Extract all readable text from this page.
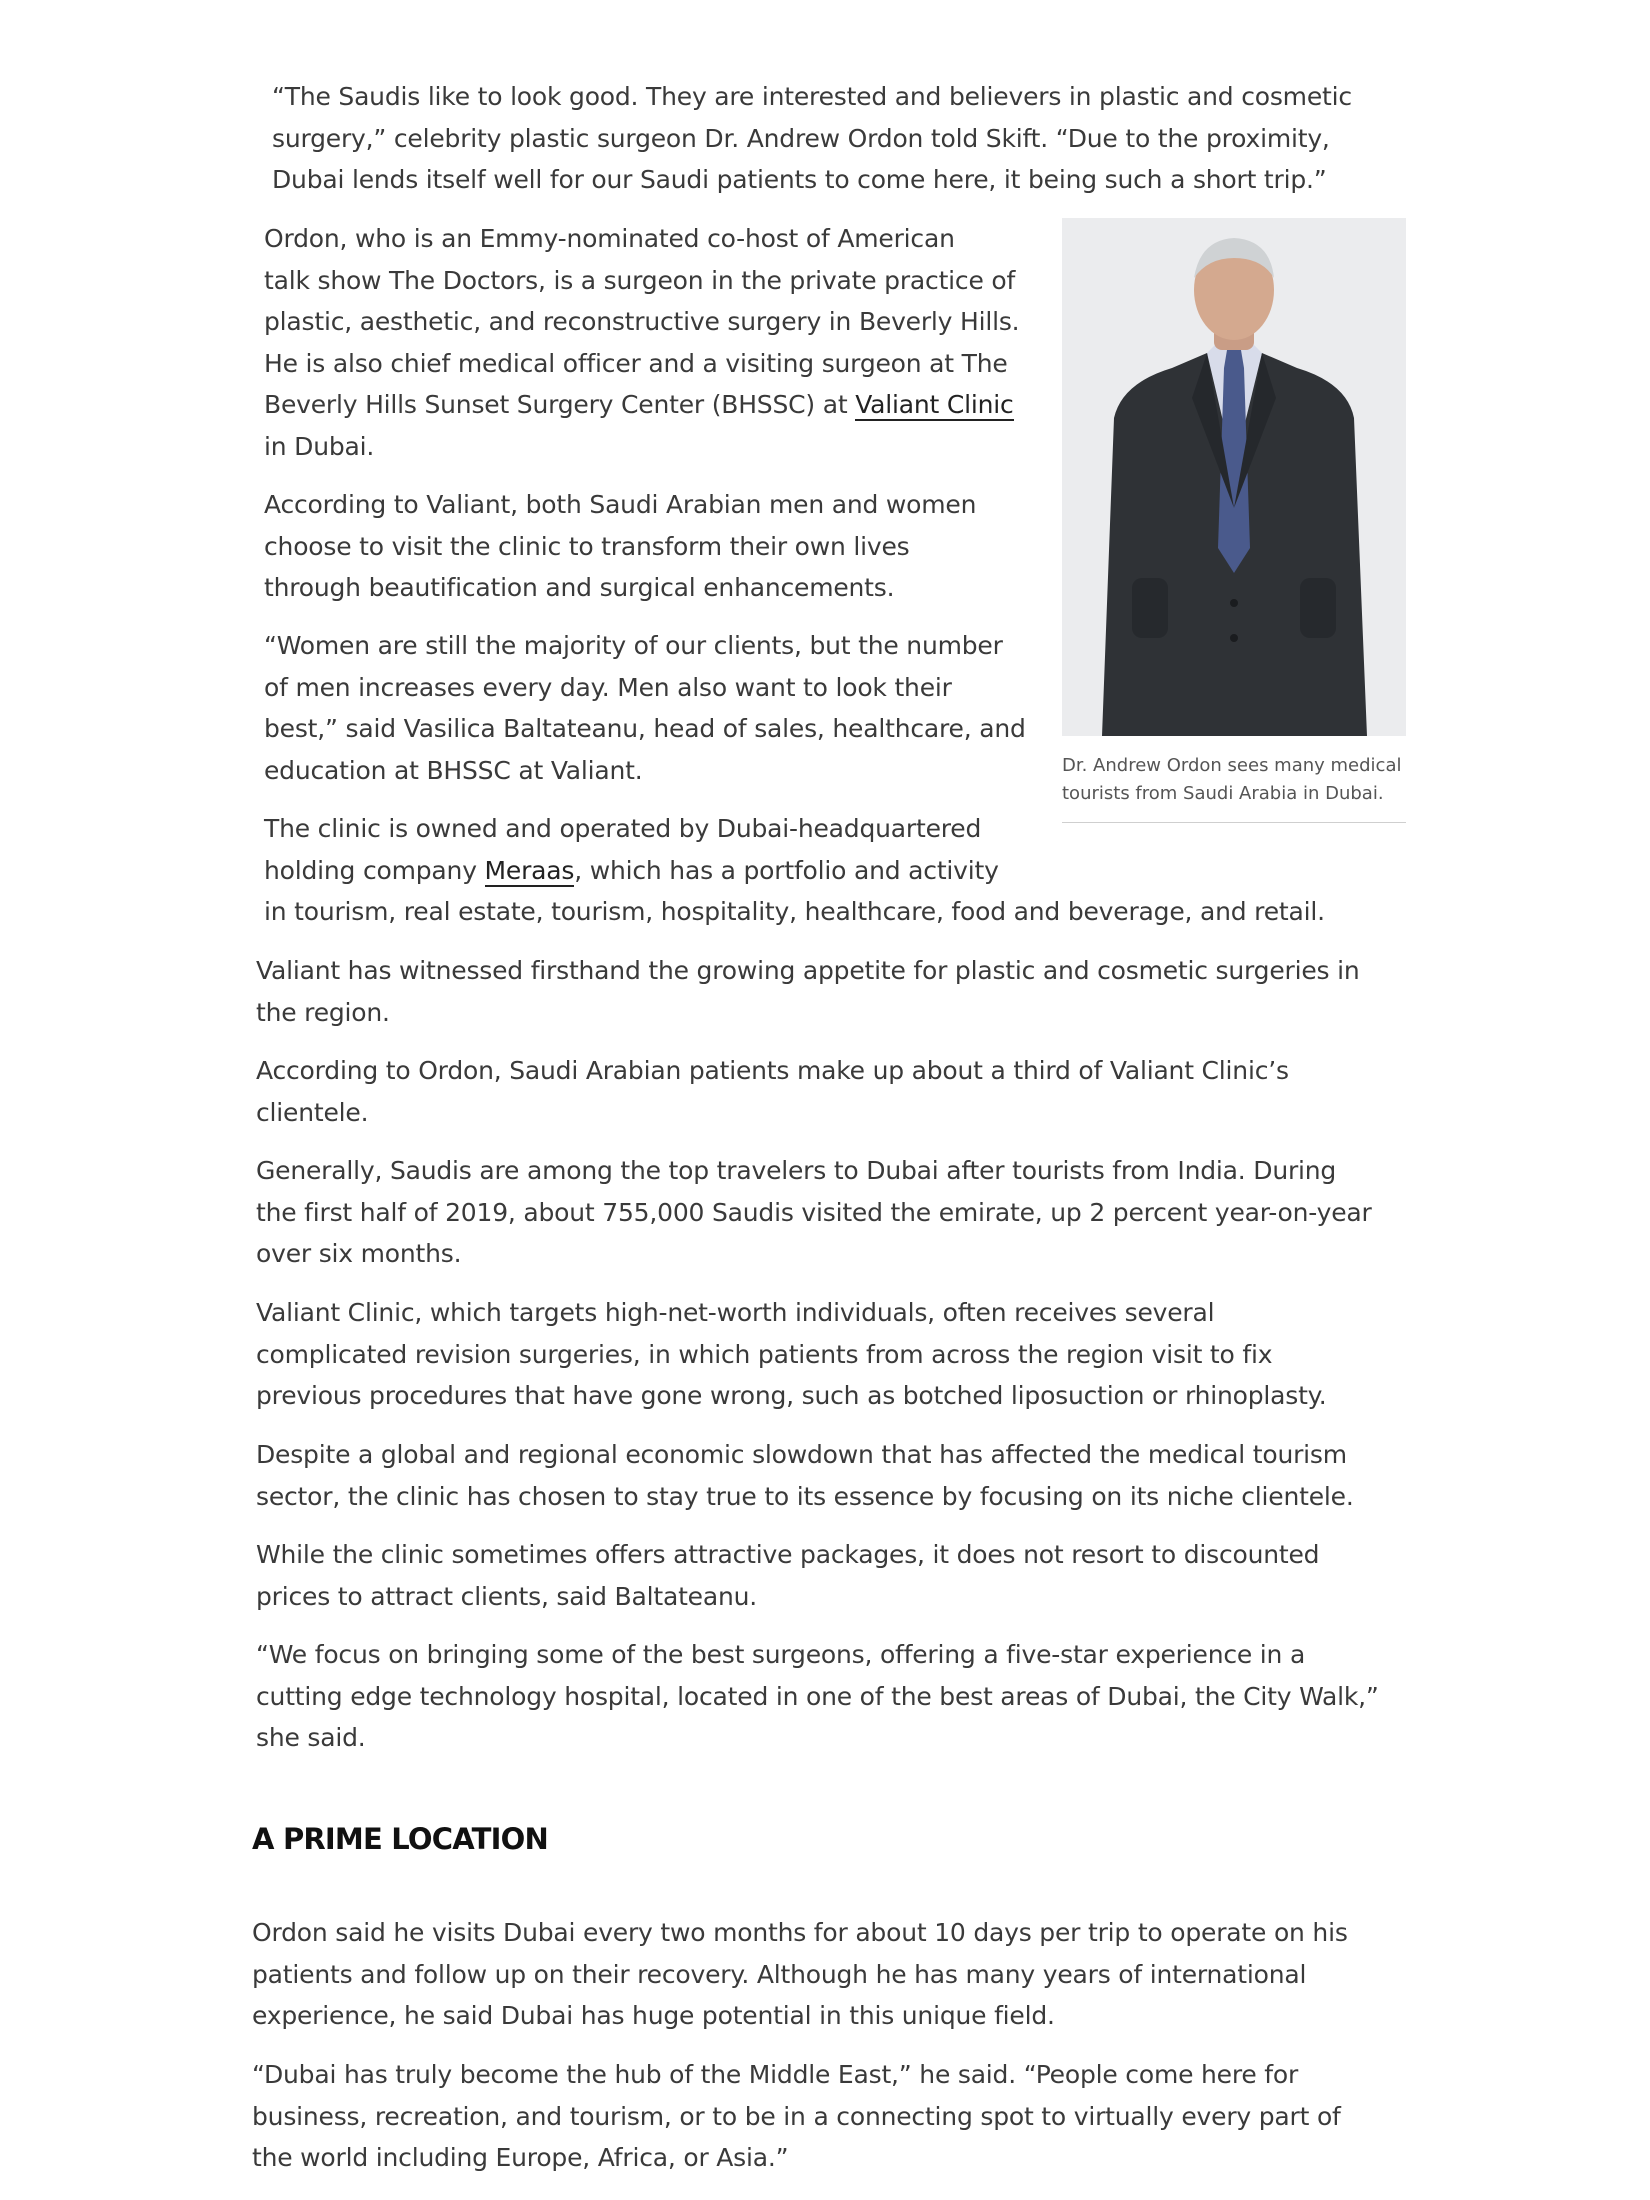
“The Saudis like to look good. They are interested and believers in plastic and cosmetic
surgery,” celebrity plastic surgeon Dr. Andrew Ordon told Skift. “Due to the proximity,
Dubai lends itself well for our Saudi patients to come here, it being such a short trip.”

Ordon, who is an Emmy-nominated co-host of American
talk show The Doctors, is a surgeon in the private practice of
plastic, aesthetic, and reconstructive surgery in Beverly Hills.
He is also chief medical officer and a visiting surgeon at The
Beverly Hills Sunset Surgery Center (BHSSC) at Valiant Clinic
in Dubai.

According to Valiant, both Saudi Arabian men and women
choose to visit the clinic to transform their own lives
through beautification and surgical enhancements.

“Women are still the majority of our clients, but the number
of men increases every day. Men also want to look their
best,” said Vasilica Baltateanu, head of sales, healthcare, and
education at BHSSC at Valiant.

The clinic is owned and operated by Dubai-headquartered
holding company Meraas, which has a portfolio and activity
in tourism, real estate, tourism, hospitality, healthcare, food and beverage, and retail.

Dr. Andrew Ordon sees many medical tourists from Saudi Arabia in Dubai.

Valiant has witnessed firsthand the growing appetite for plastic and cosmetic surgeries in
the region.

According to Ordon, Saudi Arabian patients make up about a third of Valiant Clinic’s
clientele.

Generally, Saudis are among the top travelers to Dubai after tourists from India. During
the first half of 2019, about 755,000 Saudis visited the emirate, up 2 percent year-on-year
over six months.

Valiant Clinic, which targets high-net-worth individuals, often receives several
complicated revision surgeries, in which patients from across the region visit to fix
previous procedures that have gone wrong, such as botched liposuction or rhinoplasty.

Despite a global and regional economic slowdown that has affected the medical tourism
sector, the clinic has chosen to stay true to its essence by focusing on its niche clientele.

While the clinic sometimes offers attractive packages, it does not resort to discounted
prices to attract clients, said Baltateanu.

“We focus on bringing some of the best surgeons, offering a five-star experience in a
cutting edge technology hospital, located in one of the best areas of Dubai, the City Walk,”
she said.

A PRIME LOCATION

Ordon said he visits Dubai every two months for about 10 days per trip to operate on his
patients and follow up on their recovery. Although he has many years of international
experience, he said Dubai has huge potential in this unique field.

“Dubai has truly become the hub of the Middle East,” he said. “People come here for
business, recreation, and tourism, or to be in a connecting spot to virtually every part of
the world including Europe, Africa, or Asia.”
